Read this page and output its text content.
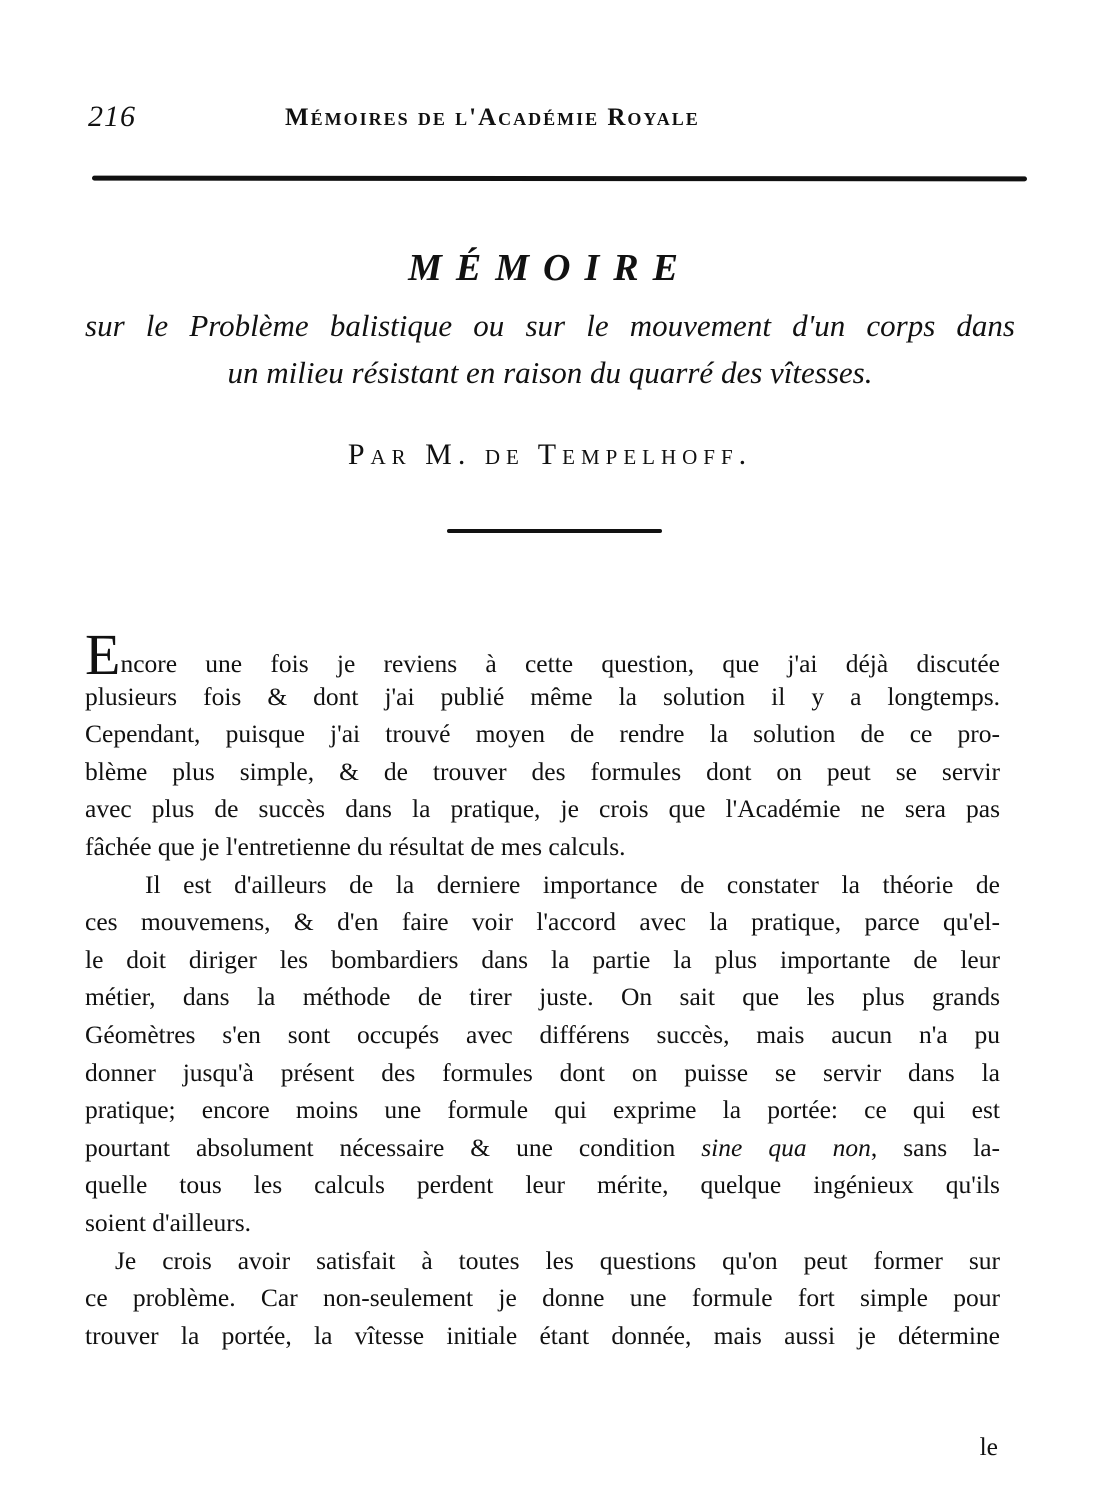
216	Mémoires de l'Académie Royale
MÉMOIRE
sur le Problème balistique ou sur le mouvement d'un corps dans
un milieu résistant en raison du quarré des vîtesses.
Par M. de Tempelhoff.
Encore une fois je reviens à cette question, que j'ai déjà discutée
plusieurs fois & dont j'ai publié même la solution il y a longtemps.
Cependant, puisque j'ai trouvé moyen de rendre la solution de ce pro-
blème plus simple, & de trouver des formules dont on peut se servir
avec plus de succès dans la pratique, je crois que l'Académie ne sera pas
fâchée que je l'entretienne du résultat de mes calculs.
Il est d'ailleurs de la derniere importance de constater la théorie de
ces mouvemens, & d'en faire voir l'accord avec la pratique, parce qu'el-
le doit diriger les bombardiers dans la partie la plus importante de leur
métier, dans la méthode de tirer juste. On sait que les plus grands
Géomètres s'en sont occupés avec différens succès, mais aucun n'a pu
donner jusqu'à présent des formules dont on puisse se servir dans la
pratique; encore moins une formule qui exprime la portée: ce qui est
pourtant absolument nécessaire & une condition sine qua non, sans la-
quelle tous les calculs perdent leur mérite, quelque ingénieux qu'ils
soient d'ailleurs.
Je crois avoir satisfait à toutes les questions qu'on peut former sur
ce problème. Car non-seulement je donne une formule fort simple pour
trouver la portée, la vîtesse initiale étant donnée, mais aussi je détermine
le
